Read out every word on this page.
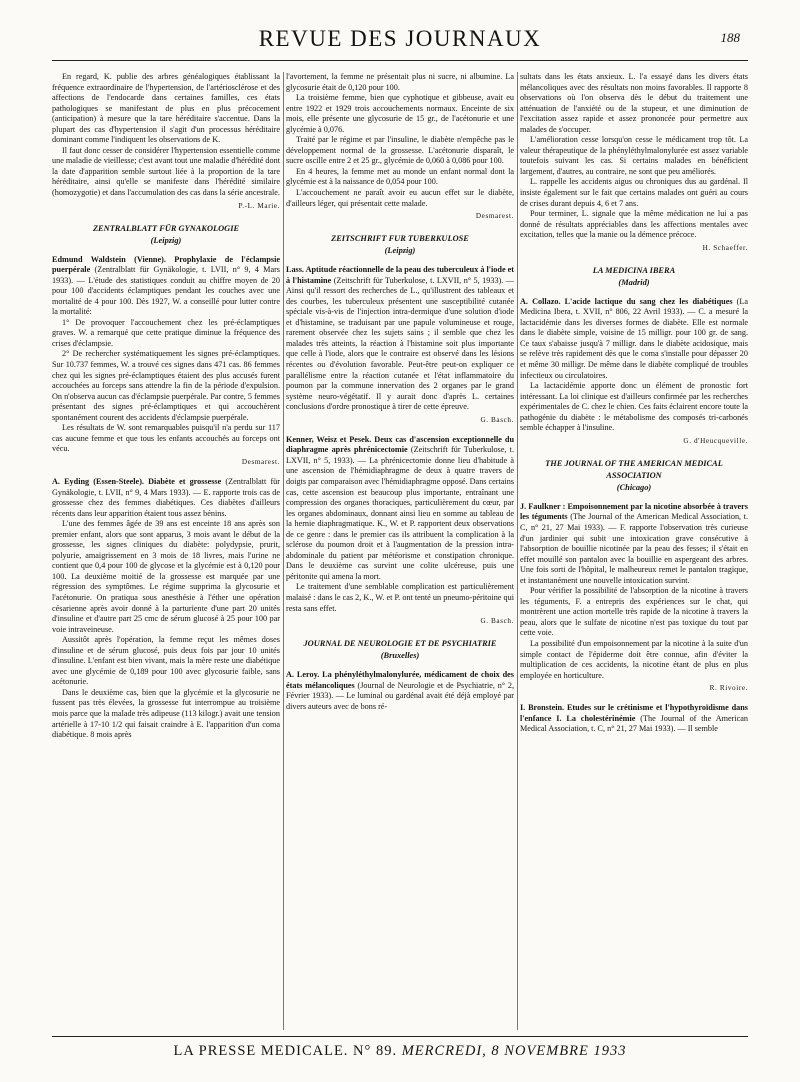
REVUE DES JOURNAUX	188

En regard, K. publie des arbres généalogiques établissant la fréquence extraordinaire de l'hypertension, de l'artériosclérose et des affections de l'endocarde dans certaines familles, ces états pathologiques se manifestant de plus en plus précocement (anticipation) à mesure que la tare héréditaire s'accentue. Dans la plupart des cas d'hypertension il s'agit d'un processus héréditaire dominant comme l'indiquent les observations de K.

Il faut donc cesser de considérer l'hypertension essentielle comme une maladie de vieillesse; c'est avant tout une maladie d'hérédité dont la date d'apparition semble surtout liée à la proportion de la tare héréditaire, ainsi qu'elle se manifeste dans l'hérédité similaire (homozygotie) et dans l'accumulation des cas dans la série ancestrale.

P.-L. Marie.
ZENTRALBLATT FÜR GYNAKOLOGIE
(Leipzig)

Edmund Waldstein (Vienne). Prophylaxie de l'éclampsie puerpérale (Zentralblatt für Gynäkologie, t. LVII, n° 9, 4 Mars 1933). — L'étude des statistiques conduit au chiffre moyen de 20 pour 100 d'accidents éclamptiques pendant les couches avec une mortalité de 4 pour 100. Dès 1927, W. a conseillé pour lutter contre la mortalité:

1° De provoquer l'accouchement chez les pré-éclamptiques graves. W. a remarqué que cette pratique diminue la fréquence des crises d'éclampsie.

2° De rechercher systématiquement les signes pré-éclamptiques. Sur 10.737 femmes, W. a trouvé ces signes dans 471 cas. 86 femmes chez qui les signes pré-éclamptiques étaient des plus accusés furent accouchées au forceps sans attendre la fin de la période d'expulsion. On n'observa aucun cas d'éclampsie puerpérale. Par contre, 5 femmes présentant des signes pré-éclamptiques et qui accouchèrent spontanément courent des accidents d'éclampsie puerpérale.

Les résultats de W. sont remarquables puisqu'il n'a perdu sur 117 cas aucune femme et que tous les enfants accouchés au forceps ont vécu.

Desmarest.

A. Eyding (Essen-Steele). Diabète et grossesse (Zentralblatt für Gynäkologie, t. LVII, n° 9, 4 Mars 1933). — E. rapporte trois cas de grossesse chez des femmes diabétiques. Ces diabètes d'ailleurs récents dans leur apparition étaient tous assez bénins.

L'une des femmes âgée de 39 ans est enceinte 18 ans après son premier enfant, alors que sont apparus, 3 mois avant le début de la grossesse, les signes cliniques du diabète: polydypsie, prurit, polyurie, amaigrissement en 3 mois de 18 livres, mais l'urine ne contient que 0,4 pour 100 de glycose et la glycémie est à 0,120 pour 100. La deuxième moitié de la grossesse est marquée par une régression des symptômes. Le régime supprima la glycosurie et l'acétonurie. On pratiqua sous anesthésie à l'éther une opération césarienne après avoir donné à la parturiente d'une part 20 unités d'insuline et d'autre part 25 cmc de sérum glucosé à 25 pour 100 par voie intraveineuse.

Aussitôt après l'opération, la femme reçut les mêmes doses d'insuline et de sérum glucosé, puis deux fois par jour 10 unités d'insuline. L'enfant est bien vivant, mais la mère reste une diabétique avec une glycémie de 0,189 pour 100 avec glycosurie faible, sans acétonurie.

Dans le deuxième cas, bien que la glycémie et la glycosurie ne fussent pas très élevées, la grossesse fut interrompue au troisième mois parce que la malade très adipeuse (113 kilogr.) avait une tension artérielle à 17-10 1/2 qui faisait craindre à E. l'apparition d'un coma diabétique. 8 mois après

l'avortement, la femme ne présentait plus ni sucre, ni albumine. La glycosurie était de 0,120 pour 100.

La troisième femme, bien que cyphotique et gibbeuse, avait eu entre 1922 et 1929 trois accouchements normaux. Enceinte de six mois, elle présente une glycosurie de 15 gr., de l'acétonurie et une glycémie à 0,076.

Traité par le régime et par l'insuline, le diabète n'empêche pas le développement normal de la grossesse. L'acétonurie disparaît, le sucre oscille entre 2 et 25 gr., glycémie de 0,060 à 0,086 pour 100.

En 4 heures, la femme met au monde un enfant normal dont la glycémie est à la naissance de 0,054 pour 100.

L'accouchement ne paraît avoir eu aucun effet sur le diabète, d'ailleurs léger, qui présentait cette malade.

Desmarest.
ZEITSCHRIFT FUR TUBERKULOSE
(Leipzig)

Lass. Aptitude réactionnelle de la peau des tuberculeux à l'iode et à l'histamine (Zeitschrift für Tuberkulose, t. LXVII, n° 5, 1933). — Ainsi qu'il ressort des recherches de L., qu'illustrent des tableaux et des courbes, les tuberculeux présentent une susceptibilité cutanée spéciale vis-à-vis de l'injection intra-dermique d'une solution d'iode et d'histamine, se traduisant par une papule volumineuse et rouge, rarement observée chez les sujets sains ; il semble que chez les malades très atteints, la réaction à l'histamine soit plus importante que celle à l'iode, alors que le contraire est observé dans les lésions récentes ou d'évolution favorable. Peut-être peut-on expliquer ce parallélisme entre la réaction cutanée et l'état inflammatoire du poumon par la commune innervation des 2 organes par le grand système neuro-végétatif. Il y aurait donc d'après L. certaines conclusions d'ordre pronostique à tirer de cette épreuve.

G. Basch.

Kenner, Weisz et Pesek. Deux cas d'ascension exceptionnelle du diaphragme après phrénicectomie (Zeitschrift für Tuberkulose, t. LXVII, n° 5, 1933). — La phrénicectomie donne lieu d'habitude à une ascension de l'hémidiaphragme de deux à quatre travers de doigts par comparaison avec l'hémidiaphragme opposé. Dans certains cas, cette ascension est beaucoup plus importante, entraînant une compression des organes thoraciques, particulièrement du cœur, par les organes abdominaux, donnant ainsi lieu en somme au tableau de la hernie diaphragmatique. K., W. et P. rapportent deux observations de ce genre : dans le premier cas ils attribuent la complication à la sclérose du poumon droit et à l'augmentation de la pression intra-abdominale du patient par météorisme et constipation chronique. Dans le deuxième cas survint une colite ulcéreuse, puis une péritonite qui amena la mort.

Le traitement d'une semblable complication est particulièrement malaisé : dans le cas 2, K., W. et P. ont tenté un pneumo-péritoine qui resta sans effet.

G. Basch.
JOURNAL DE NEUROLOGIE ET DE PSYCHIATRIE
(Bruxelles)

A. Leroy. La phényléthylmalonylurée, médicament de choix des états mélancoliques (Journal de Neurologie et de Psychiatrie, n° 2, Février 1933). — Le luminal ou gardénal avait été déjà employé par divers auteurs avec de bons ré-

sultats dans les états anxieux. L. l'a essayé dans les divers états mélancoliques avec des résultats non moins favorables. Il rapporte 8 observations où l'on observa dès le début du traitement une atténuation de l'anxiété ou de la stupeur, et une diminution de l'excitation assez rapide et assez prononcée pour permettre aux malades de s'occuper.

L'amélioration cesse lorsqu'on cesse le médicament trop tôt. La valeur thérapeutique de la phényléthylmalonylurée est assez variable toutefois suivant les cas. Si certains malades en bénéficient largement, d'autres, au contraire, ne sont que peu améliorés.

L. rappelle les accidents aigus ou chroniques dus au gardénal. Il insiste également sur le fait que certains malades ont guéri au cours de crises durant depuis 4, 6 et 7 ans.

Pour terminer, L. signale que la même médication ne lui a pas donné de résultats appréciables dans les affections mentales avec excitation, telles que la manie ou la démence précoce.

H. Schaeffer.
LA MEDICINA IBERA
(Madrid)

A. Collazo. L'acide lactique du sang chez les diabétiques (La Medicina Ibera, t. XVII, n° 806, 22 Avril 1933). — C. a mesuré la lactacidémie dans les diverses formes de diabète. Elle est normale dans le diabète simple, voisine de 15 milligr. pour 100 gr. de sang. Ce taux s'abaisse jusqu'à 7 milligr. dans le diabète acidosique, mais se relève très rapidement dès que le coma s'installe pour dépasser 20 et même 30 milligr. De même dans le diabète compliqué de troubles infectieux ou circulatoires.

La lactacidémie apporte donc un élément de pronostic fort intéressant. La loi clinique est d'ailleurs confirmée par les recherches expérimentales de C. chez le chien. Ces faits éclairent encore toute la pathogénie du diabète : le métabolisme des composés tri-carbonés semble échapper à l'insuline.

G. d'Heucqueville.
THE JOURNAL OF THE AMERICAN MEDICAL ASSOCIATION
(Chicago)

J. Faulkner : Empoisonnement par la nicotine absorbée à travers les téguments (The Journal of the American Medical Association, t. C, n° 21, 27 Mai 1933). — F. rapporte l'observation très curieuse d'un jardinier qui subit une intoxication grave consécutive à l'absorption de bouillie nicotinée par la peau des fesses; il s'était en effet mouillé son pantalon avec la bouillie en aspergeant des arbres. Une fois sorti de l'hôpital, le malheureux remet le pantalon tragique, et instantanément une nouvelle intoxication survint.

Pour vérifier la possibilité de l'absorption de la nicotine à travers les téguments, F. a entrepris des expériences sur le chat, qui montrèrent une action mortelle très rapide de la nicotine à travers la peau, alors que le sulfate de nicotine n'est pas toxique du tout par cette voie.

La possibilité d'un empoisonnement par la nicotine à la suite d'un simple contact de l'épiderme doit être connue, afin d'éviter la multiplication de ces accidents, la nicotine étant de plus en plus employée en horticulture.

R. Rivoire.

I. Bronstein. Etudes sur le crétinisme et l'hypothyroïdisme dans l'enfance I. La cholestérinémie (The Journal of the American Medical Association, t. C, n° 21, 27 Mai 1933). — Il semble

LA PRESSE MEDICALE. N° 89. MERCREDI, 8 NOVEMBRE 1933
